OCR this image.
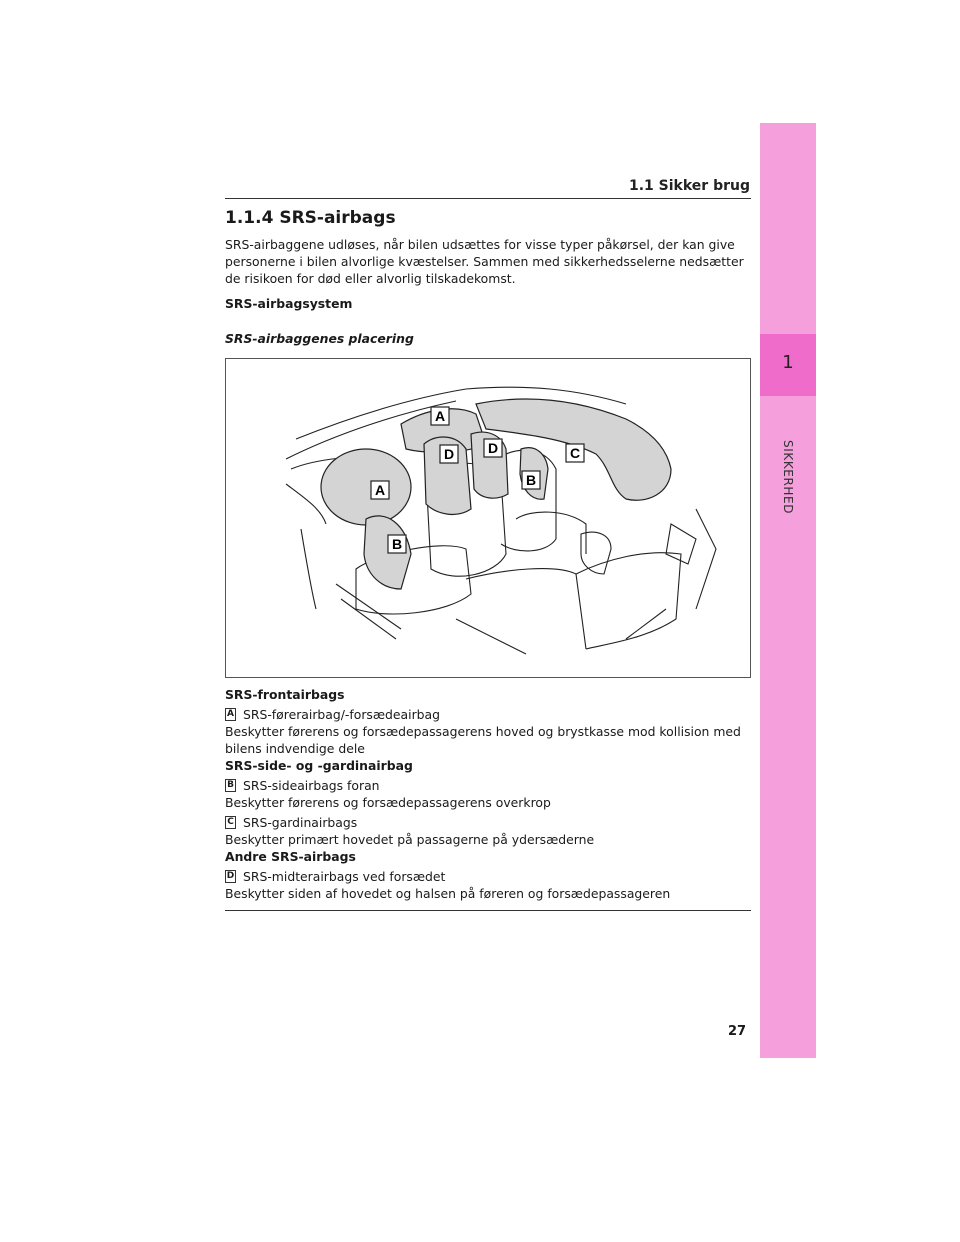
1.1 Sikker brug
1
SIKKERHED
1.1.4 SRS-airbags

SRS-airbaggene udløses, når bilen udsættes for visse typer påkørsel, der kan give personerne i bilen alvorlige kvæstelser. Sammen med sikkerhedsselerne nedsætter de risikoen for død eller alvorlig tilskadekomst.

SRS-airbagsystem

SRS-airbaggenes placering

A
A
B
B
C
D D
SRS-frontairbags
A SRS-førerairbag/-forsædeairbag

Beskytter førerens og forsædepassagerens hoved og brystkasse mod kollision med bilens indvendige dele

SRS-side- og -gardinairbag
B SRS-sideairbags foran

Beskytter førerens og forsædepassagerens overkrop

C SRS-gardinairbags

Beskytter primært hovedet på passagerne på ydersæderne

Andre SRS-airbags
D SRS-midterairbags ved forsædet

Beskytter siden af hovedet og halsen på føreren og forsædepassageren

27
